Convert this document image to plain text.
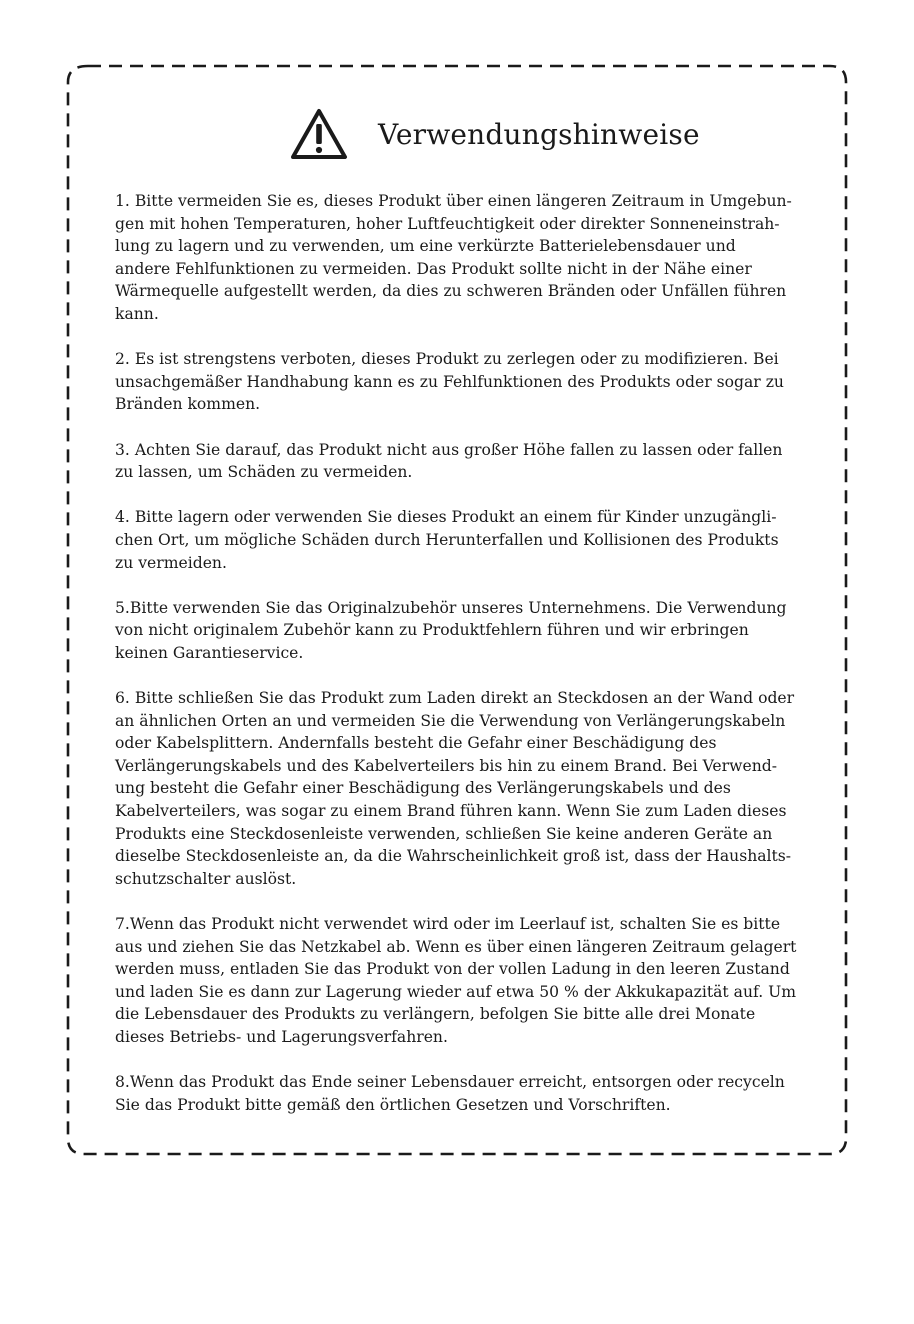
Verwendungshinweise
1. Bitte vermeiden Sie es, dieses Produkt über einen längeren Zeitraum in Umgebun-
gen mit hohen Temperaturen, hoher Luftfeuchtigkeit oder direkter Sonneneinstrah-
lung zu lagern und zu verwenden, um eine verkürzte Batterielebensdauer und
andere Fehlfunktionen zu vermeiden. Das Produkt sollte nicht in der Nähe einer
Wärmequelle aufgestellt werden, da dies zu schweren Bränden oder Unfällen führen
kann.
2. Es ist strengstens verboten, dieses Produkt zu zerlegen oder zu modifizieren. Bei
unsachgemäßer Handhabung kann es zu Fehlfunktionen des Produkts oder sogar zu
Bränden kommen.
3. Achten Sie darauf, das Produkt nicht aus großer Höhe fallen zu lassen oder fallen
zu lassen, um Schäden zu vermeiden.
4. Bitte lagern oder verwenden Sie dieses Produkt an einem für Kinder unzugängli-
chen Ort, um mögliche Schäden durch Herunterfallen und Kollisionen des Produkts
zu vermeiden.
5.Bitte verwenden Sie das Originalzubehör unseres Unternehmens. Die Verwendung
von nicht originalem Zubehör kann zu Produktfehlern führen und wir erbringen
keinen Garantieservice.
6. Bitte schließen Sie das Produkt zum Laden direkt an Steckdosen an der Wand oder
an ähnlichen Orten an und vermeiden Sie die Verwendung von Verlängerungskabeln
oder Kabelsplittern. Andernfalls besteht die Gefahr einer Beschädigung des
Verlängerungskabels und des Kabelverteilers bis hin zu einem Brand. Bei Verwend-
ung besteht die Gefahr einer Beschädigung des Verlängerungskabels und des
Kabelverteilers, was sogar zu einem Brand führen kann. Wenn Sie zum Laden dieses
Produkts eine Steckdosenleiste verwenden, schließen Sie keine anderen Geräte an
dieselbe Steckdosenleiste an, da die Wahrscheinlichkeit groß ist, dass der Haushalts-
schutzschalter auslöst.
7.Wenn das Produkt nicht verwendet wird oder im Leerlauf ist, schalten Sie es bitte
aus und ziehen Sie das Netzkabel ab. Wenn es über einen längeren Zeitraum gelagert
werden muss, entladen Sie das Produkt von der vollen Ladung in den leeren Zustand
und laden Sie es dann zur Lagerung wieder auf etwa 50 % der Akkukapazität auf. Um
die Lebensdauer des Produkts zu verlängern, befolgen Sie bitte alle drei Monate
dieses Betriebs- und Lagerungsverfahren.
8.Wenn das Produkt das Ende seiner Lebensdauer erreicht, entsorgen oder recyceln
Sie das Produkt bitte gemäß den örtlichen Gesetzen und Vorschriften.
